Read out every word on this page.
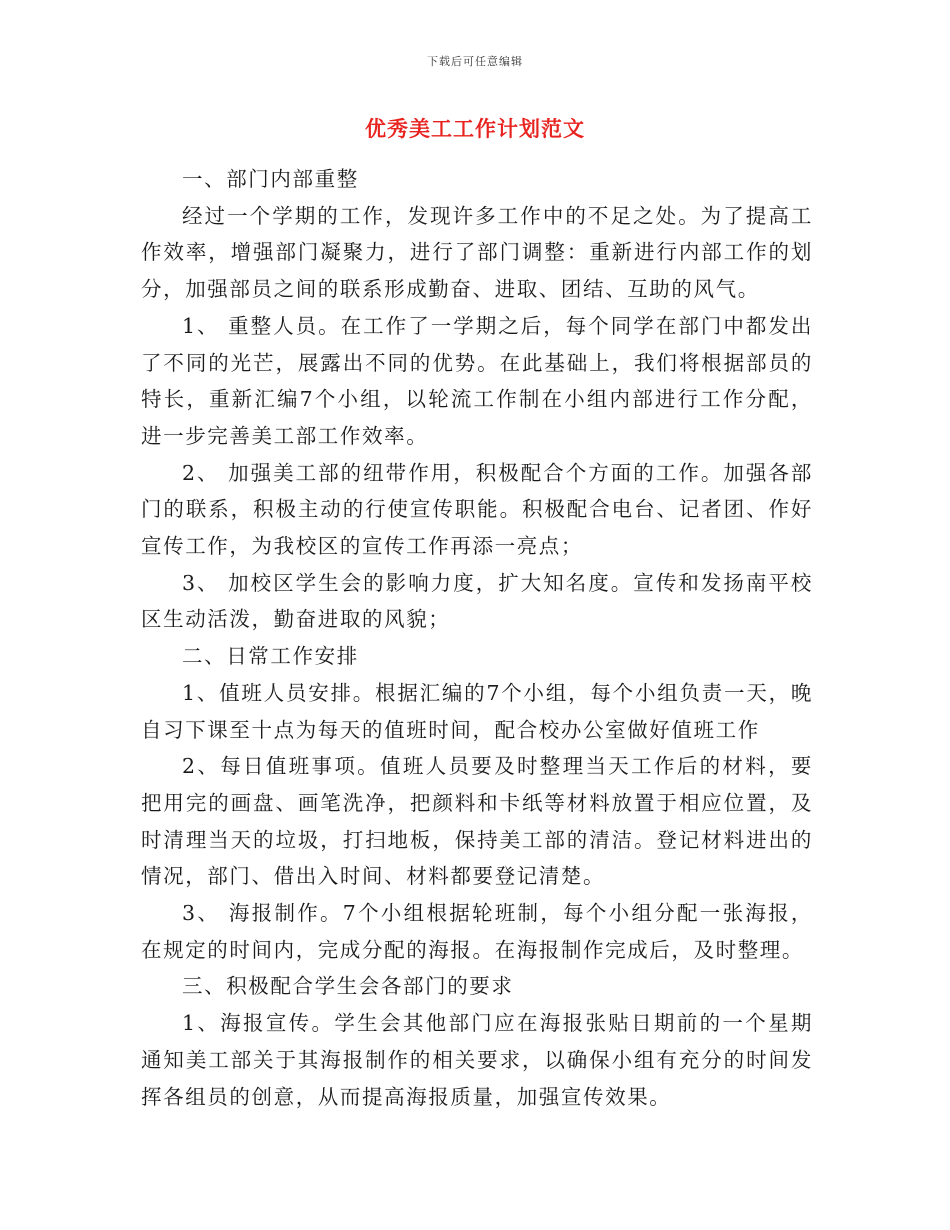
下载后可任意编辑
优秀美工工作计划范文

一、部门内部重整

经过一个学期的工作，发现许多工作中的不足之处。为了提高工作效率，增强部门凝聚力，进行了部门调整：重新进行内部工作的划分，加强部员之间的联系形成勤奋、进取、团结、互助的风气。

1、 重整人员。在工作了一学期之后，每个同学在部门中都发出了不同的光芒，展露出不同的优势。在此基础上，我们将根据部员的特长，重新汇编7个小组，以轮流工作制在小组内部进行工作分配，进一步完善美工部工作效率。

2、 加强美工部的纽带作用，积极配合个方面的工作。加强各部门的联系，积极主动的行使宣传职能。积极配合电台、记者团、作好宣传工作，为我校区的宣传工作再添一亮点；

3、 加校区学生会的影响力度，扩大知名度。宣传和发扬南平校区生动活泼，勤奋进取的风貌；

二、日常工作安排

1、值班人员安排。根据汇编的7个小组，每个小组负责一天，晚自习下课至十点为每天的值班时间，配合校办公室做好值班工作

2、每日值班事项。值班人员要及时整理当天工作后的材料，要把用完的画盘、画笔洗净，把颜料和卡纸等材料放置于相应位置，及时清理当天的垃圾，打扫地板，保持美工部的清洁。登记材料进出的情况，部门、借出入时间、材料都要登记清楚。

3、 海报制作。7个小组根据轮班制，每个小组分配一张海报，在规定的时间内，完成分配的海报。在海报制作完成后，及时整理。

三、积极配合学生会各部门的要求

1、海报宣传。学生会其他部门应在海报张贴日期前的一个星期通知美工部关于其海报制作的相关要求，以确保小组有充分的时间发挥各组员的创意，从而提高海报质量，加强宣传效果。
